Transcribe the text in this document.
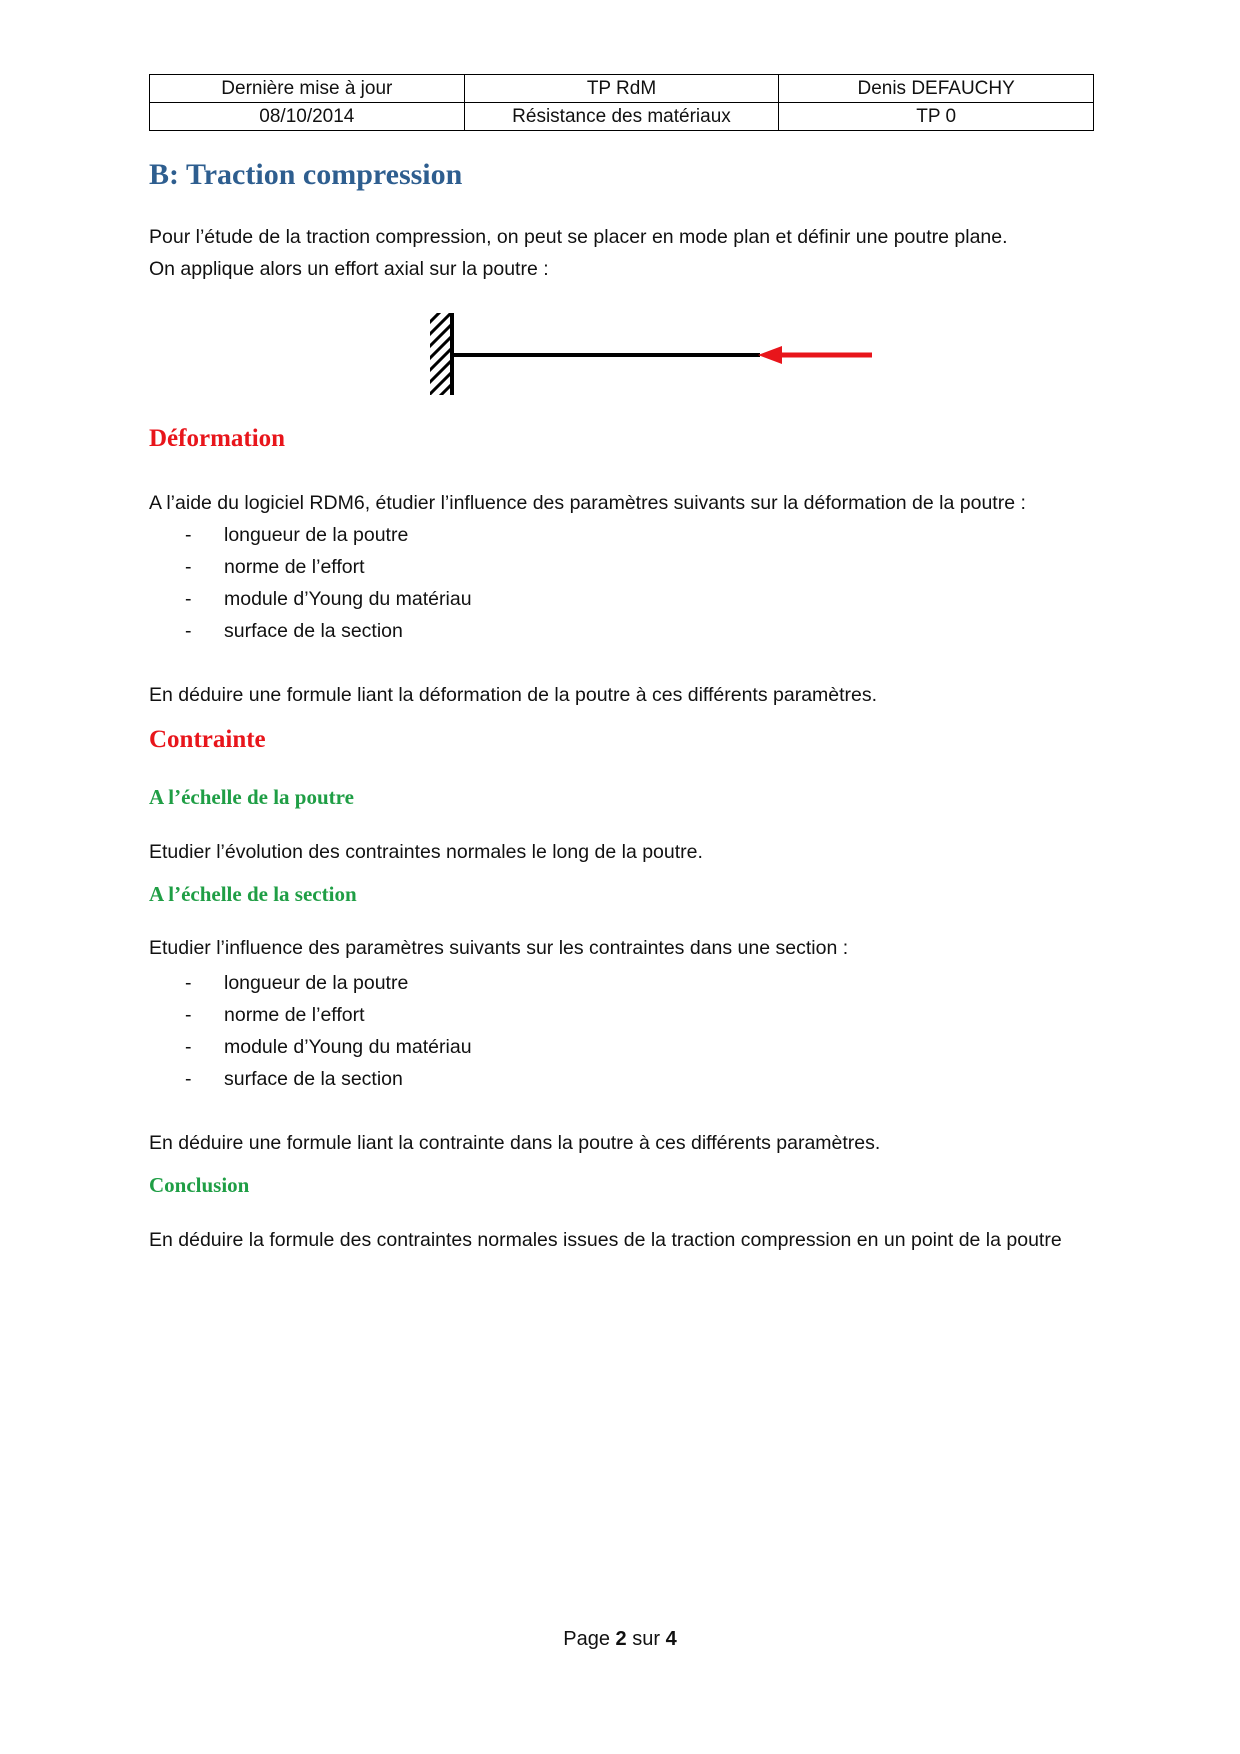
Dernière mise à jour	TP RdM	Denis DEFAUCHY
08/10/2014	Résistance des matériaux	TP 0
B: Traction compression

Pour l’étude de la traction compression, on peut se placer en mode plan et définir une poutre plane.

On applique alors un effort axial sur la poutre :

Déformation

A l’aide du logiciel RDM6, étudier l’influence des paramètres suivants sur la déformation de la poutre :

- longueur de la poutre
- norme de l’effort
- module d’Young du matériau
- surface de la section

En déduire une formule liant la déformation de la poutre à ces différents paramètres.

Contrainte
A l’échelle de la poutre

Etudier l’évolution des contraintes normales le long de la poutre.

A l’échelle de la section

Etudier l’influence des paramètres suivants sur les contraintes dans une section :

- longueur de la poutre
- norme de l’effort
- module d’Young du matériau
- surface de la section

En déduire une formule liant la contrainte dans la poutre à ces différents paramètres.

Conclusion

En déduire la formule des contraintes normales issues de la traction compression en un point de la poutre

Page 2 sur 4
